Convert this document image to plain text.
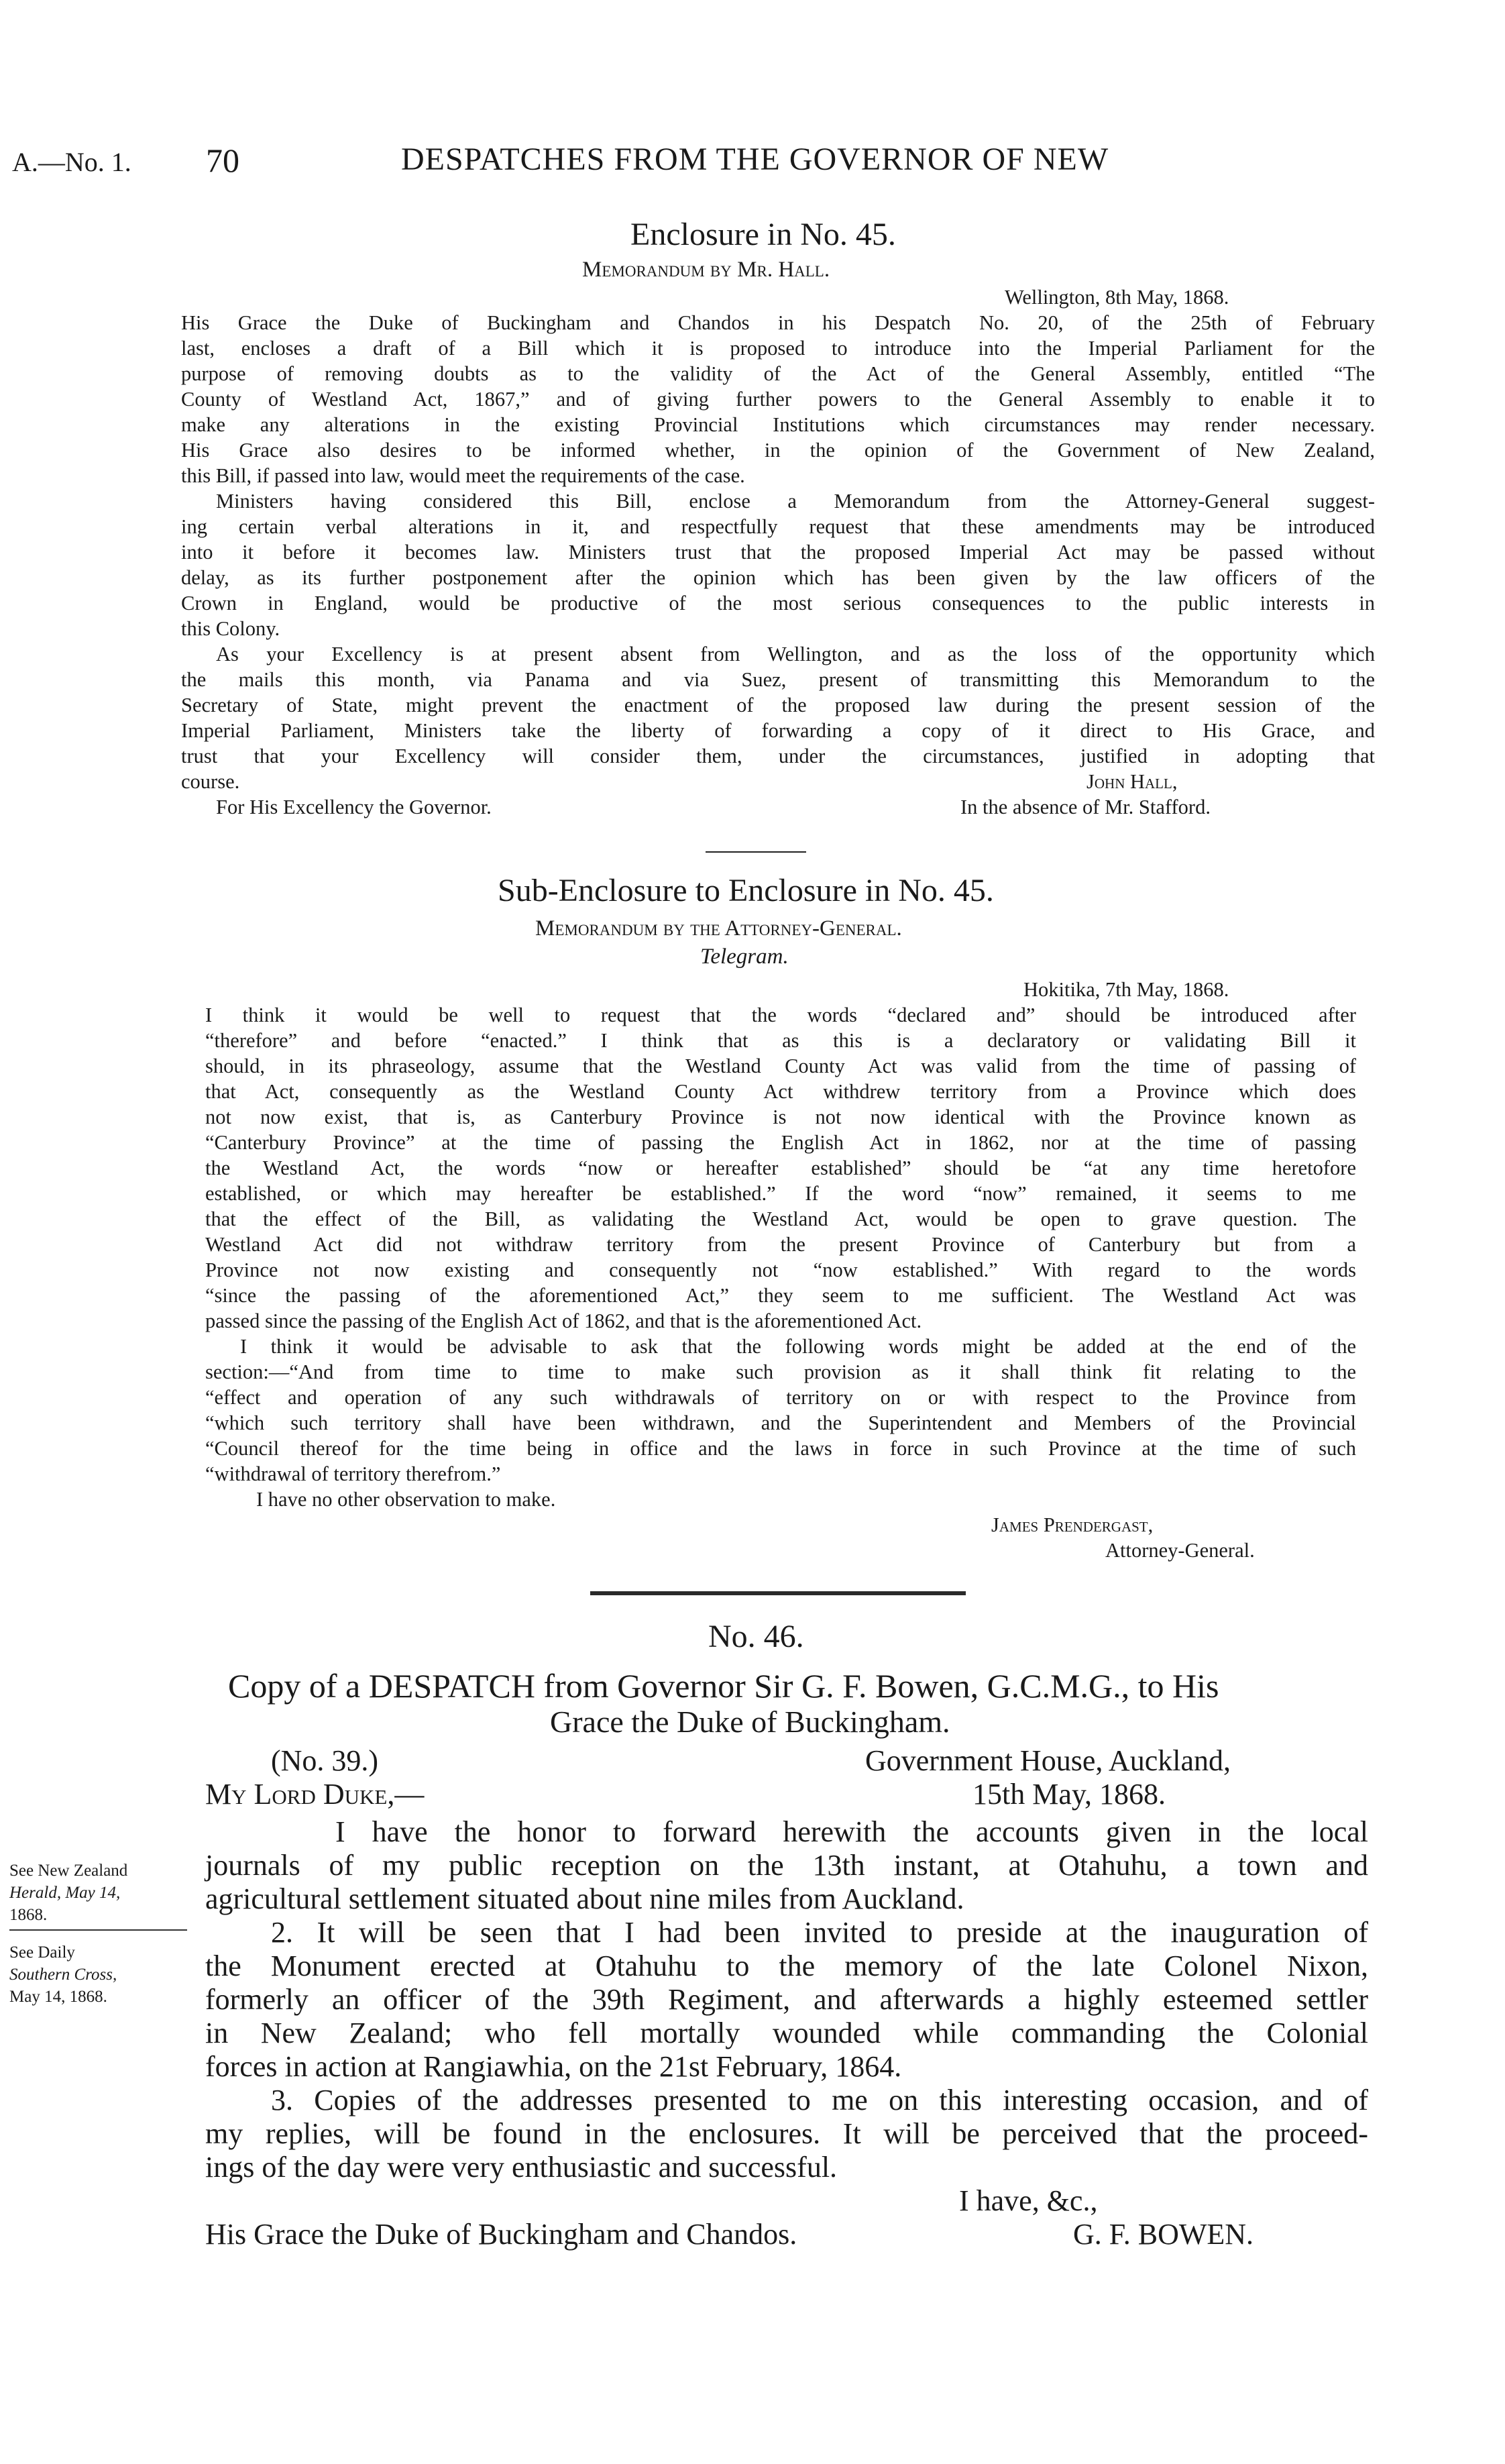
A.—No. 1. 70	DESPATCHES FROM THE GOVERNOR OF NEW
Enclosure in No. 45.
Memorandum by Mr. Hall.
Wellington, 8th May, 1868.
His Grace the Duke of Buckingham and Chandos in his Despatch No. 20, of the 25th of February
last, encloses a draft of a Bill which it is proposed to introduce into the Imperial Parliament for the
purpose of removing doubts as to the validity of the Act of the General Assembly, entitled “The
County of Westland Act, 1867,” and of giving further powers to the General Assembly to enable it to
make any alterations in the existing Provincial Institutions which circumstances may render necessary.
His Grace also desires to be informed whether, in the opinion of the Government of New Zealand,
this Bill, if passed into law, would meet the requirements of the case.
Ministers having considered this Bill, enclose a Memorandum from the Attorney-General suggest-
ing certain verbal alterations in it, and respectfully request that these amendments may be introduced
into it before it becomes law. Ministers trust that the proposed Imperial Act may be passed without
delay, as its further postponement after the opinion which has been given by the law officers of the
Crown in England, would be productive of the most serious consequences to the public interests in
this Colony.
As your Excellency is at present absent from Wellington, and as the loss of the opportunity which
the mails this month, via Panama and via Suez, present of transmitting this Memorandum to the
Secretary of State, might prevent the enactment of the proposed law during the present session of the
Imperial Parliament, Ministers take the liberty of forwarding a copy of it direct to His Grace, and
trust that your Excellency will consider them, under the circumstances, justified in adopting that
course.	John Hall,
For His Excellency the Governor.	In the absence of Mr. Stafford.
Sub-Enclosure to Enclosure in No. 45.
Memorandum by the Attorney-General.
Telegram.
Hokitika, 7th May, 1868.
I think it would be well to request that the words “declared and” should be introduced after
“therefore” and before “enacted.” I think that as this is a declaratory or validating Bill it
should, in its phraseology, assume that the Westland County Act was valid from the time of passing of
that Act, consequently as the Westland County Act withdrew territory from a Province which does
not now exist, that is, as Canterbury Province is not now identical with the Province known as
“Canterbury Province” at the time of passing the English Act in 1862, nor at the time of passing
the Westland Act, the words “now or hereafter established” should be “at any time heretofore
established, or which may hereafter be established.” If the word “now” remained, it seems to me
that the effect of the Bill, as validating the Westland Act, would be open to grave question. The
Westland Act did not withdraw territory from the present Province of Canterbury but from a
Province not now existing and consequently not “now established.” With regard to the words
“since the passing of the aforementioned Act,” they seem to me sufficient. The Westland Act was
passed since the passing of the English Act of 1862, and that is the aforementioned Act.
I think it would be advisable to ask that the following words might be added at the end of the
section:—“And from time to time to make such provision as it shall think fit relating to the
“effect and operation of any such withdrawals of territory on or with respect to the Province from
“which such territory shall have been withdrawn, and the Superintendent and Members of the Provincial
“Council thereof for the time being in office and the laws in force in such Province at the time of such
“withdrawal of territory therefrom.”
I have no other observation to make.
James Prendergast,
Attorney-General.
No. 46.
Copy of a DESPATCH from Governor Sir G. F. Bowen, G.C.M.G., to His
Grace the Duke of Buckingham.
(No. 39.)	Government House, Auckland,
My Lord Duke,—	15th May, 1868.
I have the honor to forward herewith the accounts given in the local
journals of my public reception on the 13th instant, at Otahuhu, a town and
agricultural settlement situated about nine miles from Auckland.
2. It will be seen that I had been invited to preside at the inauguration of
the Monument erected at Otahuhu to the memory of the late Colonel Nixon,
formerly an officer of the 39th Regiment, and afterwards a highly esteemed settler
in New Zealand; who fell mortally wounded while commanding the Colonial
forces in action at Rangiawhia, on the 21st February, 1864.
3. Copies of the addresses presented to me on this interesting occasion, and of
my replies, will be found in the enclosures. It will be perceived that the proceed-
ings of the day were very enthusiastic and successful.
I have, &c.,
His Grace the Duke of Buckingham and Chandos.	G. F. BOWEN.
See New Zealand
Herald, May 14,
1868.
See Daily
Southern Cross,
May 14, 1868.
